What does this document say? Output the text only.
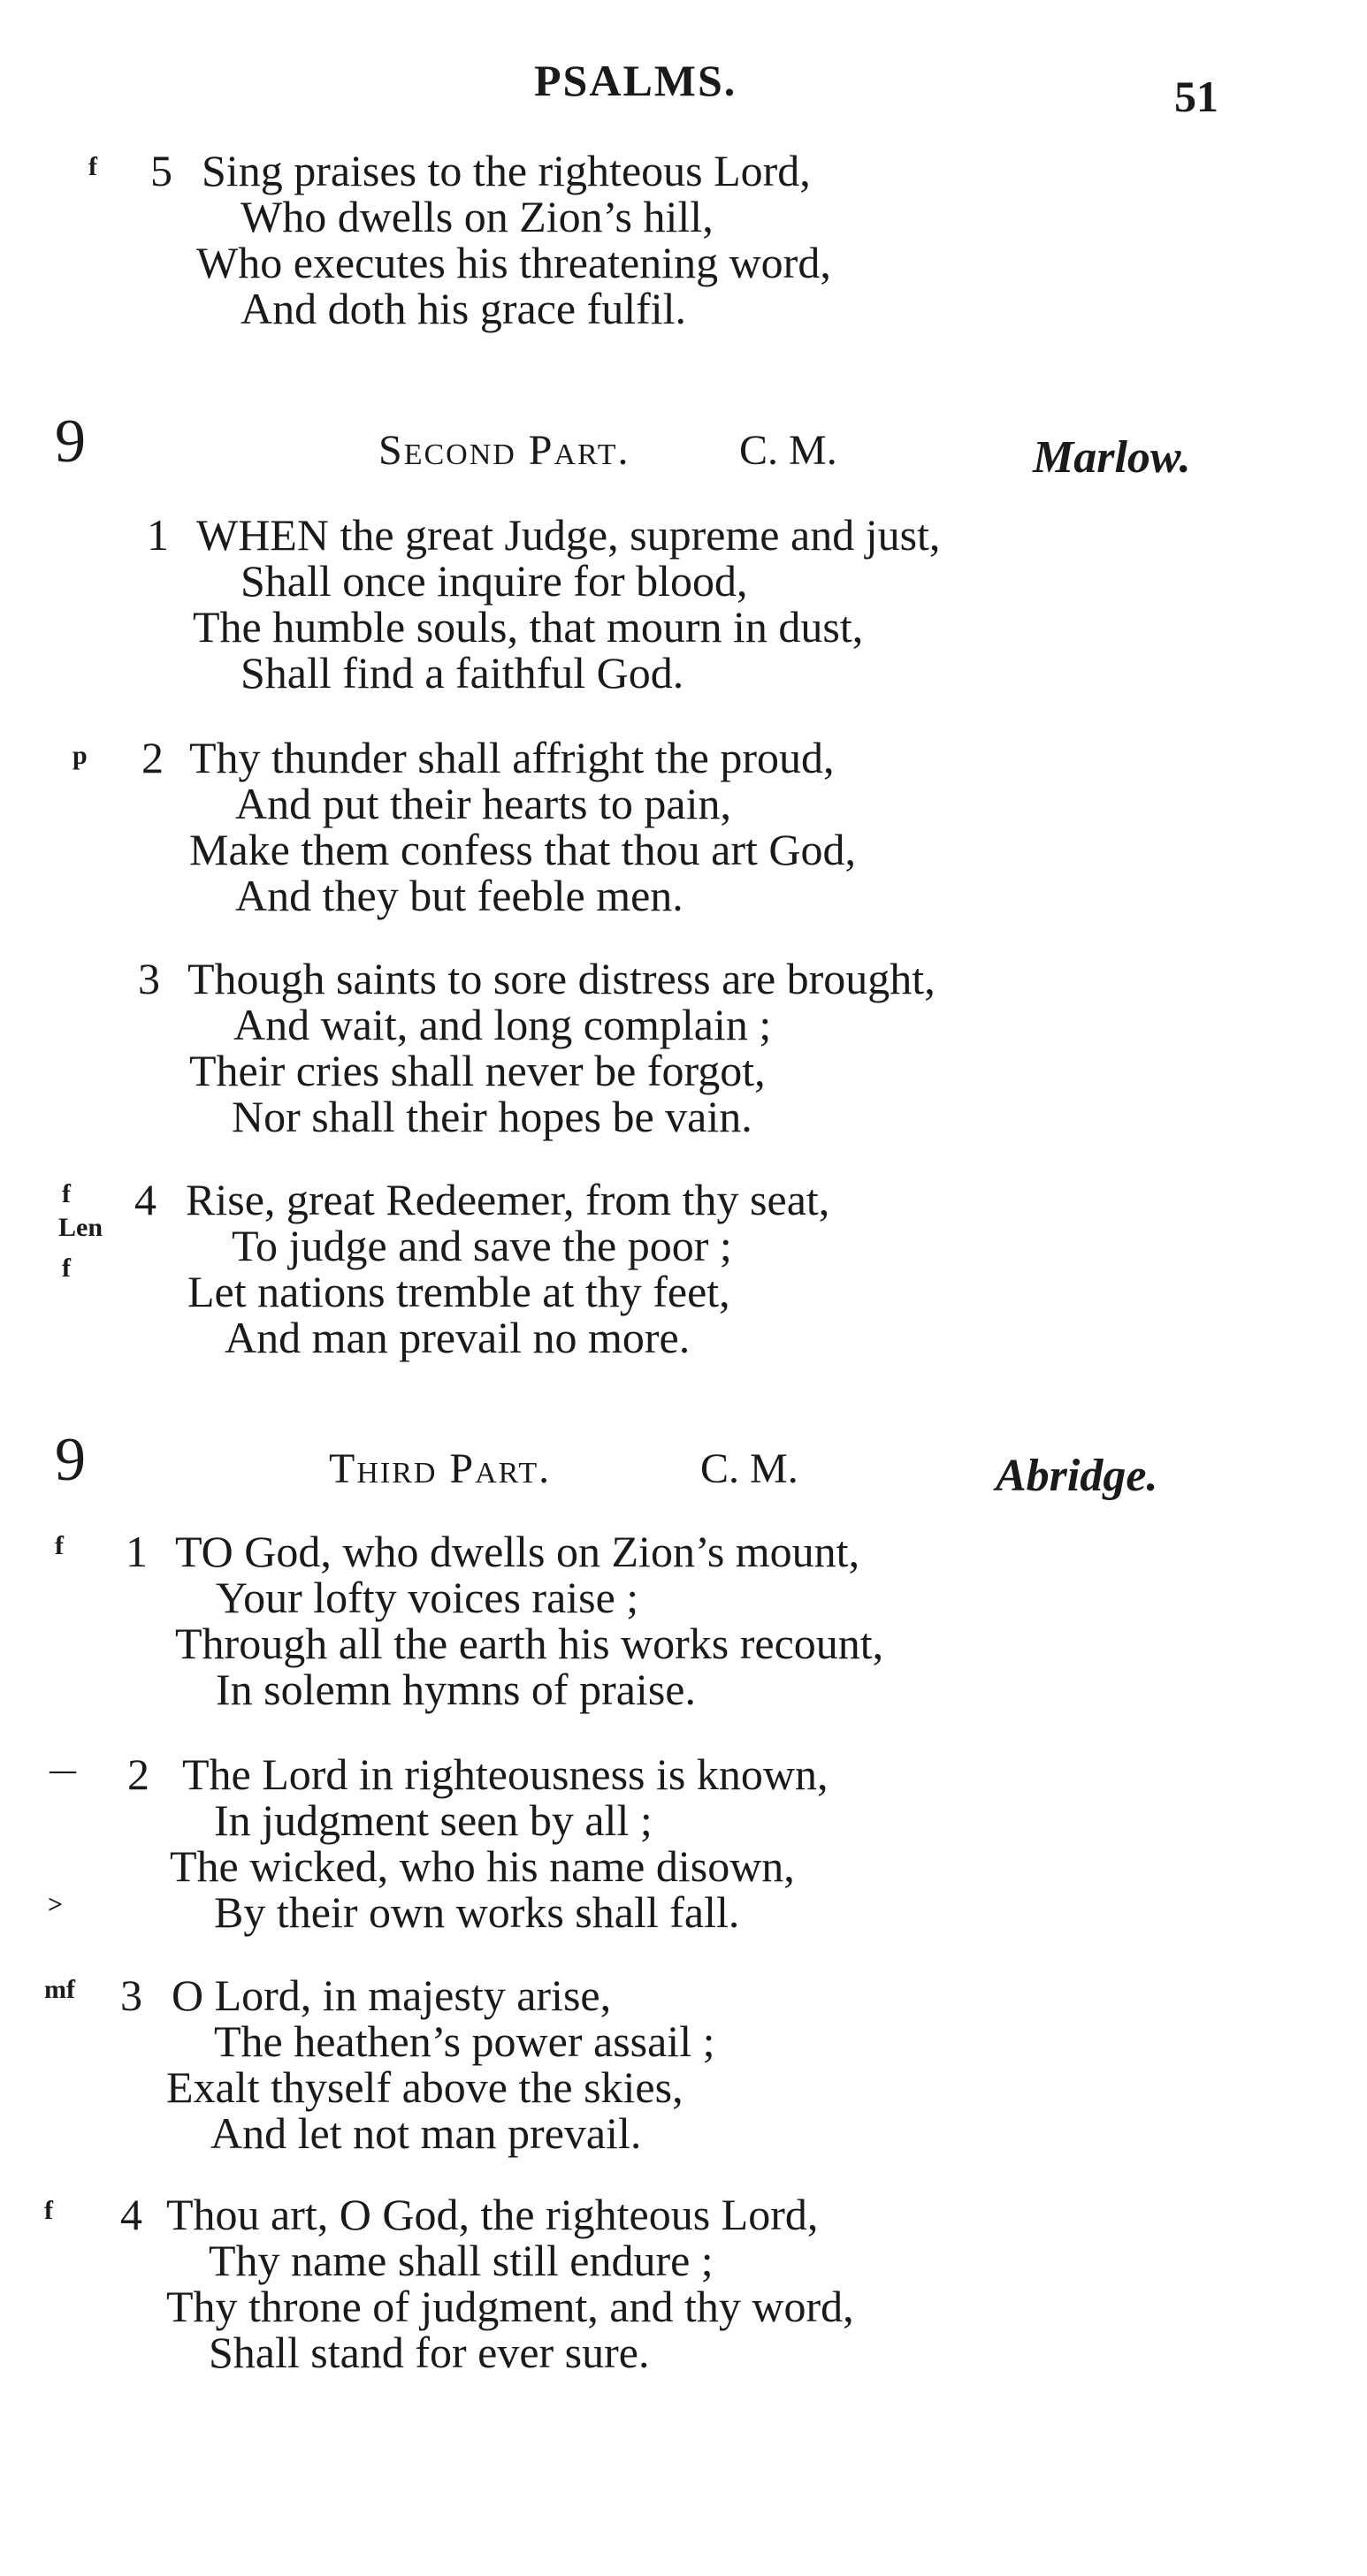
PSALMS.	51
f 5 Sing praises to the righteous Lord,
Who dwells on Zion’s hill,
Who executes his threatening word,
And doth his grace fulfil.
9	Second Part.	C. M.	Marlow.
1 WHEN the great Judge, supreme and just,
Shall once inquire for blood,
The humble souls, that mourn in dust,
Shall find a faithful God.
p 2 Thy thunder shall affright the proud,
And put their hearts to pain,
Make them confess that thou art God,
And they but feeble men.
3 Though saints to sore distress are brought,
And wait, and long complain ;
Their cries shall never be forgot,
Nor shall their hopes be vain.
f
Len
f
4 Rise, great Redeemer, from thy seat,
To judge and save the poor ;
Let nations tremble at thy feet,
And man prevail no more.
9	Third Part.	C. M.	Abridge.
f 1 TO God, who dwells on Zion’s mount,
Your lofty voices raise ;
Through all the earth his works recount,
In solemn hymns of praise.
—
>
2 The Lord in righteousness is known,
In judgment seen by all ;
The wicked, who his name disown,
By their own works shall fall.
mf 3 O Lord, in majesty arise,
The heathen’s power assail ;
Exalt thyself above the skies,
And let not man prevail.
f 4 Thou art, O God, the righteous Lord,
Thy name shall still endure ;
Thy throne of judgment, and thy word,
Shall stand for ever sure.
